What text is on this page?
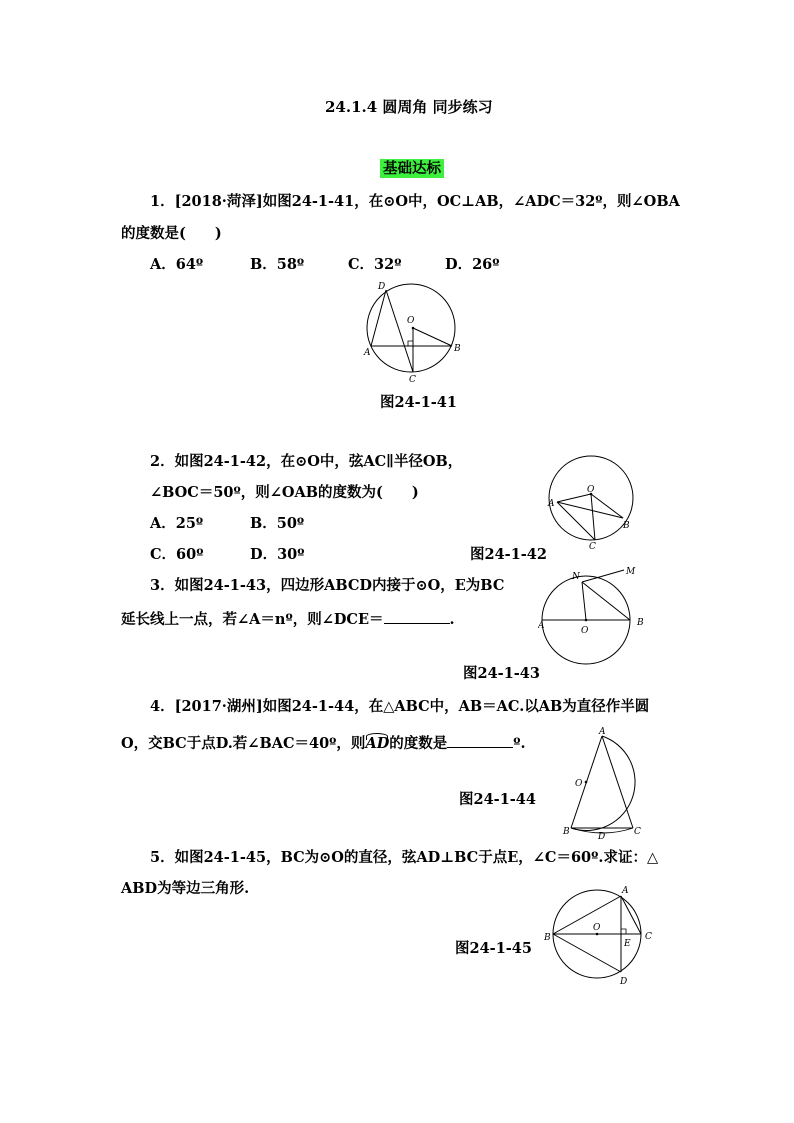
24.1.4 圆周角 同步练习
基础达标
1．[2018·菏泽]如图24-1-41，在⊙O中，OC⊥AB，∠ADC＝32º，则∠OBA
的度数是(　　)
A．64º	B．58º	C．32º	D．26º
D
O
A	B
C
图24-1-41
2．如图24-1-42，在⊙O中，弦AC∥半径OB，
∠BOC＝50º，则∠OAB的度数为(　　)
A．25º	B．50º
C．60º	D．30º
O
A
B
C
图24-1-42
3．如图24-1-43，四边形ABCD内接于⊙O，E为BC
延长线上一点，若∠A＝nº，则∠DCE＝	.
N	M
A	O
B
图24-1-43
4．[2017·湖州]如图24-1-44，在△ABC中，AB＝AC.以AB为直径作半圆
O，交BC于点D.若∠BAC＝40º，则AD的度数是	º.
A
O
B	D	C
图24-1-44
5．如图24-1-45，BC为⊙O的直径，弦AD⊥BC于点E，∠C＝60º.求证：△
ABD为等边三角形.	A
B
O
E
C
D
图24-1-45
